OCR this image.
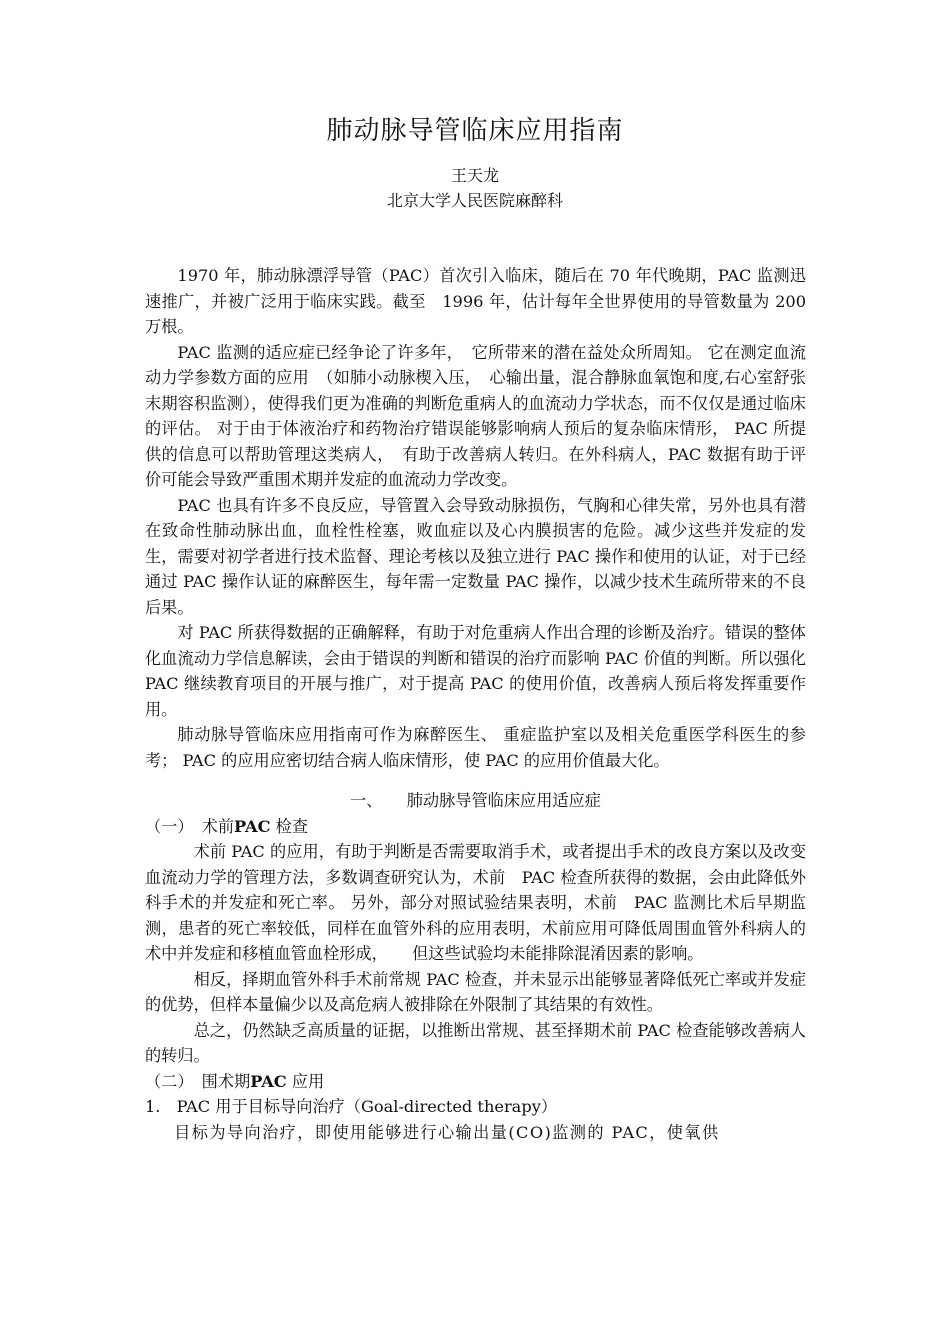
肺动脉导管临床应用指南
王天龙
北京大学人民医院麻醉科

1970 年，肺动脉漂浮导管（PAC）首次引入临床，随后在 70 年代晚期，PAC 监测迅速推广，并被广泛用于临床实践。截至　1996 年，估计每年全世界使用的导管数量为 200 万根。

PAC 监测的适应症已经争论了许多年，　它所带来的潜在益处众所周知。 它在测定血流动力学参数方面的应用　（如肺小动脉楔入压，　心输出量，混合静脉血氧饱和度,右心室舒张末期容积监测），使得我们更为准确的判断危重病人的血流动力学状态，而不仅仅是通过临床的评估。 对于由于体液治疗和药物治疗错误能够影响病人预后的复杂临床情形， PAC 所提供的信息可以帮助管理这类病人，　有助于改善病人转归。在外科病人，PAC 数据有助于评价可能会导致严重围术期并发症的血流动力学改变。

PAC 也具有许多不良反应，导管置入会导致动脉损伤，气胸和心律失常，另外也具有潜在致命性肺动脉出血，血栓性栓塞，败血症以及心内膜损害的危险。减少这些并发症的发生，需要对初学者进行技术监督、理论考核以及独立进行 PAC 操作和使用的认证，对于已经通过 PAC 操作认证的麻醉医生，每年需一定数量 PAC 操作，以减少技术生疏所带来的不良后果。

对 PAC 所获得数据的正确解释，有助于对危重病人作出合理的诊断及治疗。错误的整体化血流动力学信息解读，会由于错误的判断和错误的治疗而影响 PAC 价值的判断。所以强化 PAC 继续教育项目的开展与推广，对于提高 PAC 的使用价值，改善病人预后将发挥重要作用。

肺动脉导管临床应用指南可作为麻醉医生、 重症监护室以及相关危重医学科医生的参考； PAC 的应用应密切结合病人临床情形，使 PAC 的应用价值最大化。

一、　　肺动脉导管临床应用适应症

（一）　术前PAC 检查

术前 PAC 的应用，有助于判断是否需要取消手术，或者提出手术的改良方案以及改变血流动力学的管理方法，多数调查研究认为，术前　PAC 检查所获得的数据，会由此降低外科手术的并发症和死亡率。 另外，部分对照试验结果表明，术前　PAC 监测比术后早期监测，患者的死亡率较低，同样在血管外科的应用表明，术前应用可降低周围血管外科病人的术中并发症和移植血管血栓形成，　　但这些试验均未能排除混淆因素的影响。

相反，择期血管外科手术前常规 PAC 检查，并未显示出能够显著降低死亡率或并发症的优势，但样本量偏少以及高危病人被排除在外限制了其结果的有效性。

总之，仍然缺乏高质量的证据，以推断出常规、甚至择期术前 PAC 检查能够改善病人的转归。

（二）　围术期PAC 应用

1.　PAC 用于目标导向治疗（Goal-directed therapy）

目标为导向治疗，即使用能够进行心输出量(CO)监测的 PAC，使氧供
